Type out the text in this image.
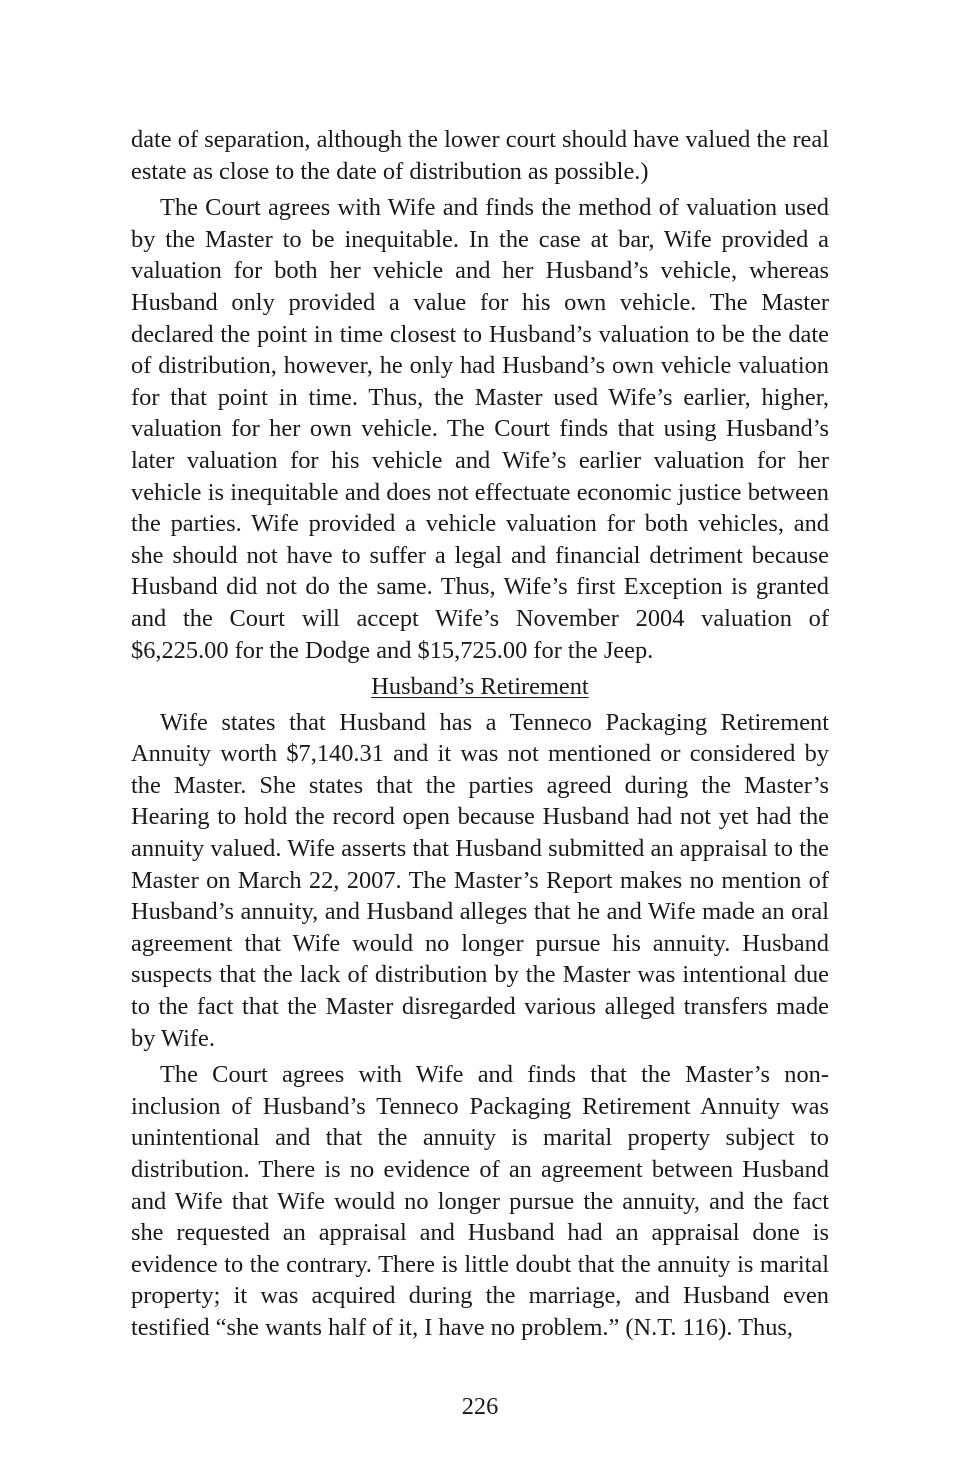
date of separation, although the lower court should have valued the real estate as close to the date of distribution as possible.)

The Court agrees with Wife and finds the method of valuation used by the Master to be inequitable. In the case at bar, Wife provided a valuation for both her vehicle and her Husband’s vehicle, whereas Husband only provided a value for his own vehicle. The Master declared the point in time closest to Husband’s valuation to be the date of distribution, however, he only had Husband’s own vehicle valuation for that point in time. Thus, the Master used Wife’s earlier, higher, valuation for her own vehicle. The Court finds that using Husband’s later valuation for his vehicle and Wife’s earlier valuation for her vehicle is inequitable and does not effectuate economic justice between the parties. Wife provided a vehicle valuation for both vehicles, and she should not have to suffer a legal and financial detriment because Husband did not do the same. Thus, Wife’s first Exception is granted and the Court will accept Wife’s November 2004 valuation of $6,225.00 for the Dodge and $15,725.00 for the Jeep.

Husband’s Retirement

Wife states that Husband has a Tenneco Packaging Retirement Annuity worth $7,140.31 and it was not mentioned or considered by the Master. She states that the parties agreed during the Master’s Hearing to hold the record open because Husband had not yet had the annuity valued. Wife asserts that Husband submitted an appraisal to the Master on March 22, 2007. The Master’s Report makes no mention of Husband’s annuity, and Husband alleges that he and Wife made an oral agreement that Wife would no longer pursue his annuity. Husband suspects that the lack of distribution by the Master was intentional due to the fact that the Master disregarded various alleged transfers made by Wife.

The Court agrees with Wife and finds that the Master’s non-inclusion of Husband’s Tenneco Packaging Retirement Annuity was unintentional and that the annuity is marital property subject to distribution. There is no evidence of an agreement between Husband and Wife that Wife would no longer pursue the annuity, and the fact she requested an appraisal and Husband had an appraisal done is evidence to the contrary. There is little doubt that the annuity is marital property; it was acquired during the marriage, and Husband even testified “she wants half of it, I have no problem.” (N.T. 116). Thus,

226
